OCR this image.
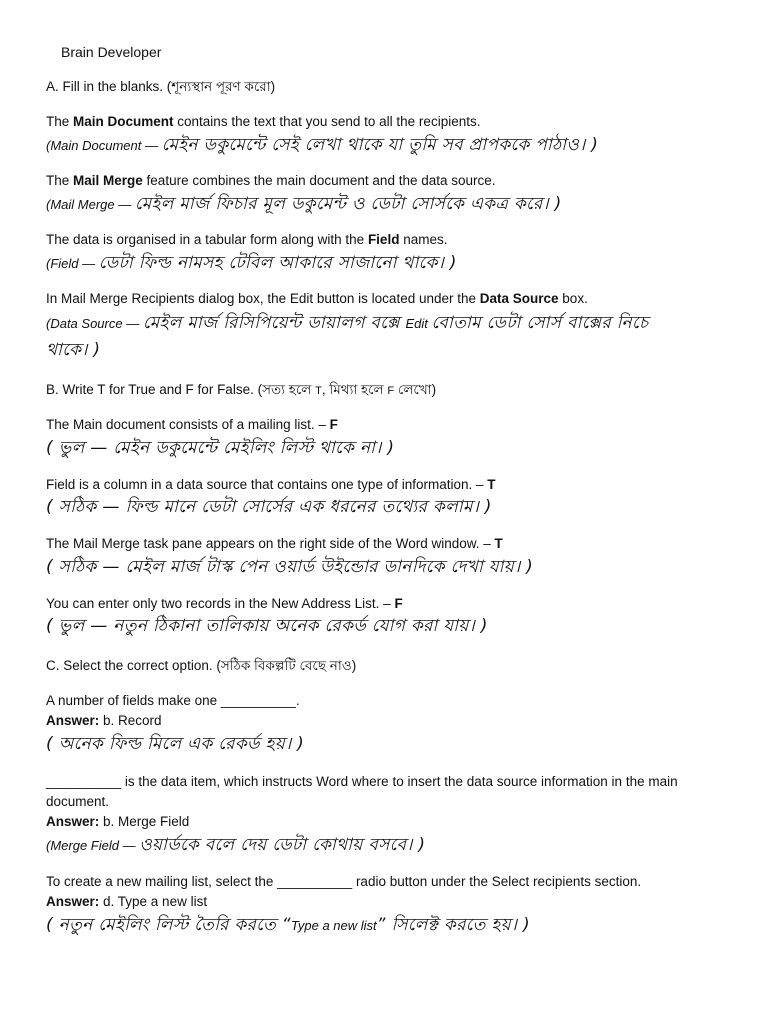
Brain Developer
A. Fill in the blanks. (শূন্যস্থান পূরণ করো)
The Main Document contains the text that you send to all the recipients.
(Main Document — মেইন ডকুমেন্টে সেই লেখা থাকে যা তুমি সব প্রাপককে পাঠাও। )
The Mail Merge feature combines the main document and the data source.
(Mail Merge — মেইল মার্জ ফিচার মূল ডকুমেন্ট ও ডেটা সোর্সকে একত্র করে। )
The data is organised in a tabular form along with the Field names.
(Field — ডেটা ফিল্ড নামসহ টেবিল আকারে সাজানো থাকে। )
In Mail Merge Recipients dialog box, the Edit button is located under the Data Source box.
(Data Source — মেইল মার্জ রিসিপিয়েন্ট ডায়ালগ বক্সে Edit বোতাম ডেটা সোর্স বাক্সের নিচে
থাকে। )
B. Write T for True and F for False. (সত্য হলে T, মিথ্যা হলে F লেখো)
The Main document consists of a mailing list. – F
( ভুল — মেইন ডকুমেন্টে মেইলিং লিস্ট থাকে না। )
Field is a column in a data source that contains one type of information. – T
( সঠিক — ফিল্ড মানে ডেটা সোর্সের এক ধরনের তথ্যের কলাম। )
The Mail Merge task pane appears on the right side of the Word window. – T
( সঠিক — মেইল মার্জ টাস্ক পেন ওয়ার্ড উইন্ডোর ডানদিকে দেখা যায়। )
You can enter only two records in the New Address List. – F
( ভুল — নতুন ঠিকানা তালিকায় অনেক রেকর্ড যোগ করা যায়। )
C. Select the correct option. (সঠিক বিকল্পটি বেছে নাও)
A number of fields make one __________.
Answer: b. Record
( অনেক ফিল্ড মিলে এক রেকর্ড হয়। )
__________ is the data item, which instructs Word where to insert the data source information in the main document.
Answer: b. Merge Field
(Merge Field — ওয়ার্ডকে বলে দেয় ডেটা কোথায় বসবে। )
To create a new mailing list, select the __________ radio button under the Select recipients section.
Answer: d. Type a new list
( নতুন মেইলিং লিস্ট তৈরি করতে “Type a new list” সিলেক্ট করতে হয়। )
